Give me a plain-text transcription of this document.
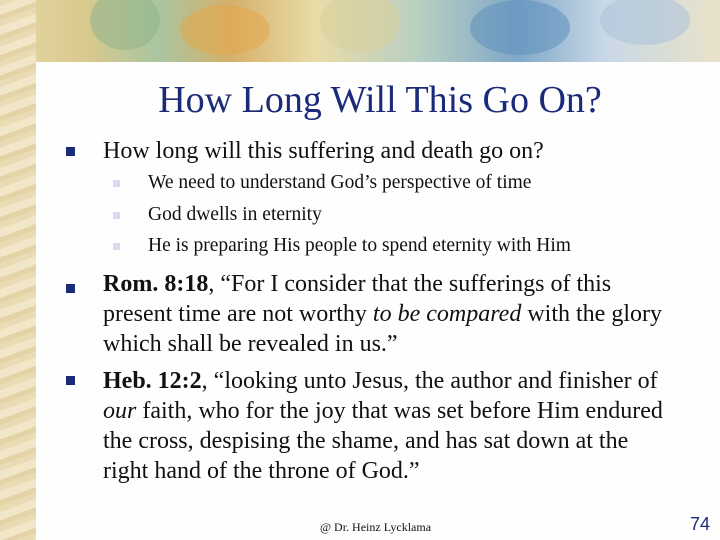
How Long Will This Go On?
How long will this suffering and death go on?
We need to understand God’s perspective of time
God dwells in eternity
He is preparing His people to spend eternity with Him
Rom. 8:18, “For I consider that the sufferings of this present time are not worthy to be compared with the glory which shall be revealed in us.”
Heb. 12:2, “looking unto Jesus, the author and finisher of our faith, who for the joy that was set before Him endured the cross, despising the shame, and has sat down at the right hand of the throne of God.”
@ Dr. Heinz Lycklama	74
